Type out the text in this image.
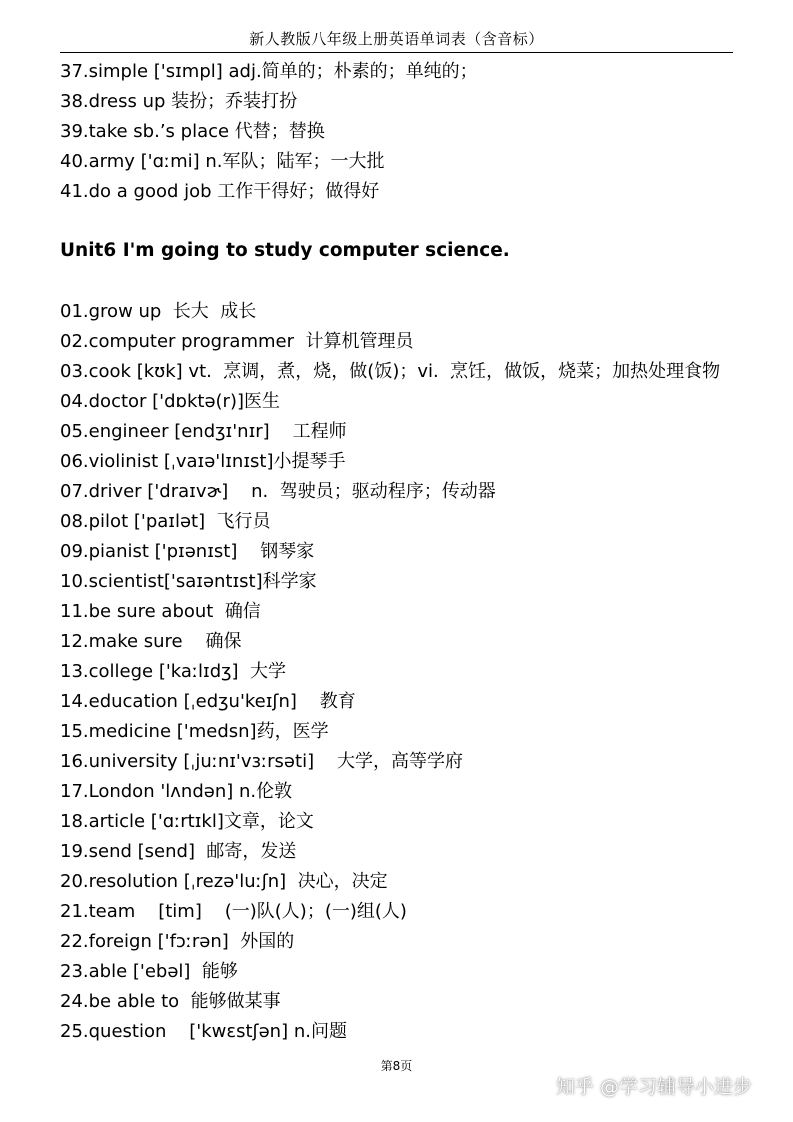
新人教版八年级上册英语单词表（含音标）
37.simple ['sɪmpl] adj.简单的；朴素的；单纯的；
38.dress up 装扮；乔装打扮
39.take sb.’s place 代替；替换
40.army ['ɑːmi] n.军队；陆军；一大批
41.do a good job 工作干得好；做得好
Unit6 I'm going to study computer science.
01.grow up  长大  成长
02.computer programmer  计算机管理员
03.cook [kʊk] vt.  烹调，煮，烧，做(饭)；vi.  烹饪，做饭，烧菜；加热处理食物
04.doctor ['dɒktə(r)]医生
05.engineer [endʒɪ'nɪr]    工程师
06.violinist [ˌvaɪə'lɪnɪst]小提琴手
07.driver ['draɪvɚ]    n.  驾驶员；驱动程序；传动器
08.pilot ['paɪlət]  飞行员
09.pianist ['pɪənɪst]    钢琴家
10.scientist['saɪəntɪst]科学家
11.be sure about  确信
12.make sure    确保
13.college ['kaːlɪdʒ]  大学
14.education [ˌedʒu'keɪʃn]    教育
15.medicine ['medsn]药，医学
16.university [ˌjuːnɪ'vɜːrsəti]    大学，高等学府
17.London 'lʌndən] n.伦敦
18.article ['ɑːrtɪkl]文章，论文
19.send [send]  邮寄，发送
20.resolution [ˌrezə'luːʃn]  决心，决定
21.team    [tim]    (一)队(人)；(一)组(人)
22.foreign ['fɔːrən]  外国的
23.able ['ebəl]  能够
24.be able to  能够做某事
25.question    ['kwɛstʃən] n.问题
第8页
知乎 @学习辅导小进步
